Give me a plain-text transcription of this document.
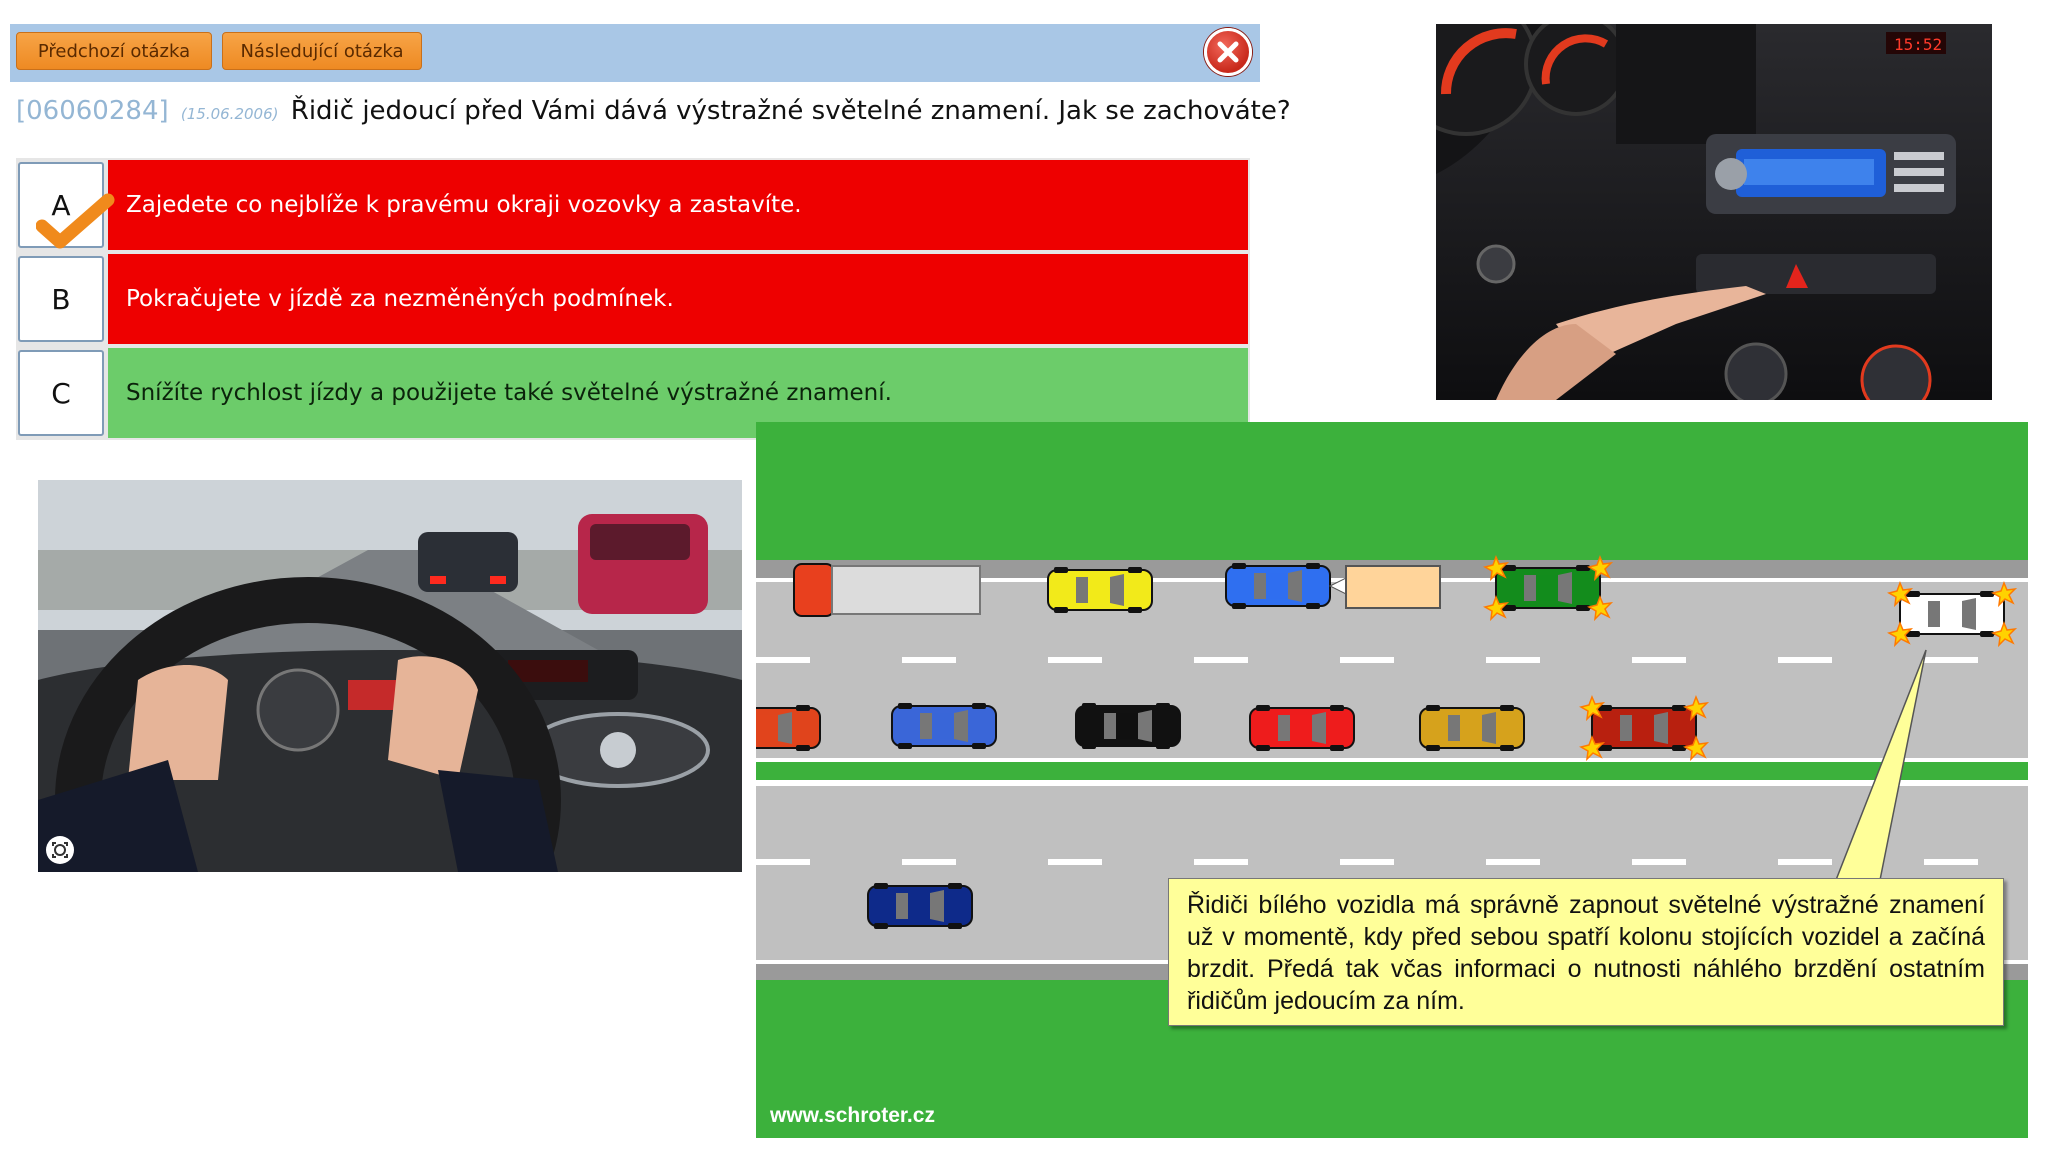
Předchozí otázka	Následující otázka
[06060284] (15.06.2006) Řidič jedoucí před Vámi dává výstražné světelné znamení. Jak se zachováte?
A	Zajedete co nejblíže k pravému okraji vozovky a zastavíte.
B	Pokračujete v jízdě za nezměněných podmínek.
C	Snížíte rychlost jízdy a použijete také světelné výstražné znamení.
15:52
Řidiči bílého vozidla má správně zapnout světelné výstražné znamení už v momentě, kdy před sebou spatří kolonu stojících vozidel a začíná brzdit. Předá tak včas informaci o nutnosti náhlého brzdění ostatním řidičům jedoucím za ním.
www.schroter.cz
